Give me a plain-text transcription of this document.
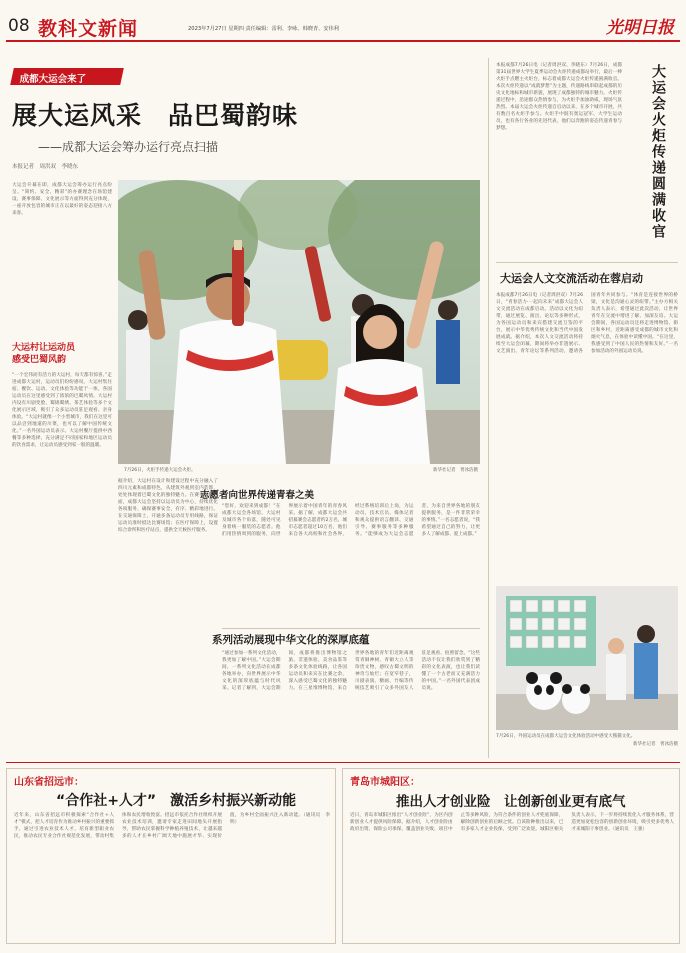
08 教科文新闻	2023年7月27日 星期四 责任编辑：雷利、李咏、韩晓青、安伟利	光明日报
成都大运会来了
展大运风采　品巴蜀韵味
——成都大运会筹办运行亮点扫描
本报记者　周洪双　李晓东
大运会开幕在即，成都大运会筹办运行亮点纷呈。“简约、安全、精彩”的办赛理念在场馆建设、赛事保障、文化展示等方面得到充分体现，一座开放包容的城市正在以最好的姿态迎接八方来客。
大运村让运动员
感受巴蜀风韵
“一个宏伟而有活力的大运村，每天都有惊喜。”走进成都大运村，运动员们纷纷感叹。大运村集住宿、餐饮、运动、文化体验等功能于一体，各国运动员在这里感受到了浓浓的巴蜀风情。大运村内设有川剧变脸、蜀锦蜀绣、茶艺体验等多个文化展示区域，吸引了众多运动员驻足观看、亲身体验。“大运村就像一个小型城市，我们在这里可以品尝到地道的川菜，也可以了解中国传统文化。”一名外国运动员表示。大运村餐厅提供中西餐等多种选择，充分满足不同国家和地区运动员的饮食需求，让运动员感受到家一般的温暖。
7月26日，火炬手传递大运会火炬。	新华社记者　胥冰洁摄
据介绍，大运村在设计和建设过程中充分融入了四川元素和成都特色，从建筑外观到室内装饰，处处体现着巴蜀文化的独特魅力。在赛事保障方面，成都大运会坚持以运动员为中心，持续优化各项服务，确保赛事安全、有序、精彩地进行。在交通保障上，开通多条运动员专用线路，保证运动员准时抵达比赛场馆；在医疗保障上，设置综合诊所和医疗站点，提供全天候医疗服务。
志愿者向世界传递青春之美
“您好，欢迎来到成都！”在成都大运会各场馆、大运村及城市各个角落，随处可见身着统一服装的志愿者。他们用热情周到的服务，向世界展示着中国青年的青春风采。据了解，成都大运会共招募赛会志愿者约2万名，城市志愿者超过10万名，他们来自各大高校和社会各界，经过系统培训后上岗，为运动员、技术官员、媒体记者和观众提供语言翻译、交通引导、赛事服务等多种服务。“能够成为大运会志愿者，为来自世界各地的朋友提供服务，是一件非常荣幸的事情。”一名志愿者说，“我希望通过自己的努力，让更多人了解成都、爱上成都。”
系列活动展现中华文化的深厚底蕴
“通过参加一系列文化活动，我更加了解中国。”大运会期间，一系列文化活动在成都各地举办，向世界展示中华文化的深厚底蕴与时代风采。记者了解到，大运会期间，成都将推出博物馆之旅、非遗体验、美食品鉴等多条文化体验线路，让各国运动员和来宾在比赛之余，深入感受巴蜀文化的独特魅力。在三星堆博物馆，来自世界各地的青年们近距离观赏青铜神树、青铜大立人等珍贵文物，感叹古蜀文明的神奇与灿烂；在宽窄巷子，川剧表演、糖画、竹编等传统技艺吸引了众多外国友人驻足观看、拍照留念。“这些活动不仅让我们欣赏到了精彩的文化表演，也让我们读懂了一个古老而又充满活力的中国。”一名外国代表团成员说。
本报成都7月26日电（记者周洪双、李晓东）7月26日，成都第31届世界大学生夏季运动会火炬传递成都站举行，最后一棒火炬手点燃主火炬台，标志着成都大运会火炬传递圆满收官。本次火炬传递以“成就梦想”为主题，传递路线串联起成都的历史文化地标和城市新貌，展现了成都独特的城市魅力。火炬传递过程中，沿途群众热情参与，为火炬手加油助威，现场气氛热烈。本届大运会火炬传递自启动以来，在多个城市开展，共有数百名火炬手参与。火炬手中既有奥运冠军、大学生运动员，也有各行各业的先进代表，他们以奔跑的姿态传递青春与梦想。	大运会火炬传递圆满收官
大运会人文交流活动在蓉启动
本报成都7月26日电（记者周洪双）7月26日，“青春活力·一起向未来”成都大运会人文交流活动在成都启动。活动以文化为纽带，通过展览、演出、论坛等多种形式，为各国运动员和来宾搭建交流互鉴的平台，展示中华优秀传统文化和当代中国发展成就。据介绍，本次人文交流活动将持续至大运会闭幕，期间将举办非遗展示、文艺演出、青年论坛等系列活动，邀请各国青年共同参与。“体育是连接世界的桥梁，文化是沟通心灵的纽带。”主办方相关负责人表示，希望通过此次活动，让世界青年在交流中增进了解、加深友谊。大运会期间，各国运动员还将走进博物馆、街区和乡村，近距离感受成都的城市文化和烟火气息，在体验中读懂中国。“在这里，我感受到了中国人民的热情和友好。”一名参加活动的外国运动员说。
7月26日，外国运动员在成都大运会文化体验活动中感受大熊猫文化。
新华社记者　胥冰洁摄
山东省招远市：
“合作社+人才”　激活乡村振兴新动能
近年来，山东省招远市积极探索“合作社+人才”模式，把人才培育作为推动乡村振兴的重要抓手，通过引进农业技术人才、培育新型职业农民，推动农民专业合作社规范化发展，带动村集体和农民增收致富。招远市依托合作社组织开展农业技术培训，邀请专家走进田间地头开展指导，帮助农民掌握科学种植养殖技术，让越来越多的人才在乡村广阔天地中施展才华、实现价值，为乡村全面振兴注入新动能。（通讯员　李明）
青岛市城阳区：
推出人才创业险　让创新创业更有底气
近日，青岛市城阳区推出“人才创业险”，为区内创新创业人才提供风险保障。据介绍，人才创业险由政府出资、保险公司承保，覆盖创业失败、项目中止等多种风险，为符合条件的创业人才兜底保障，解除创新创业的后顾之忧。自该险种推出以来，已有多家人才企业投保，受到广泛欢迎。城阳区相关负责人表示，下一步将持续优化人才服务体系，营造更加宽松包容的创新创业环境，吸引更多优秀人才来城阳干事创业。（通讯员　王强）
